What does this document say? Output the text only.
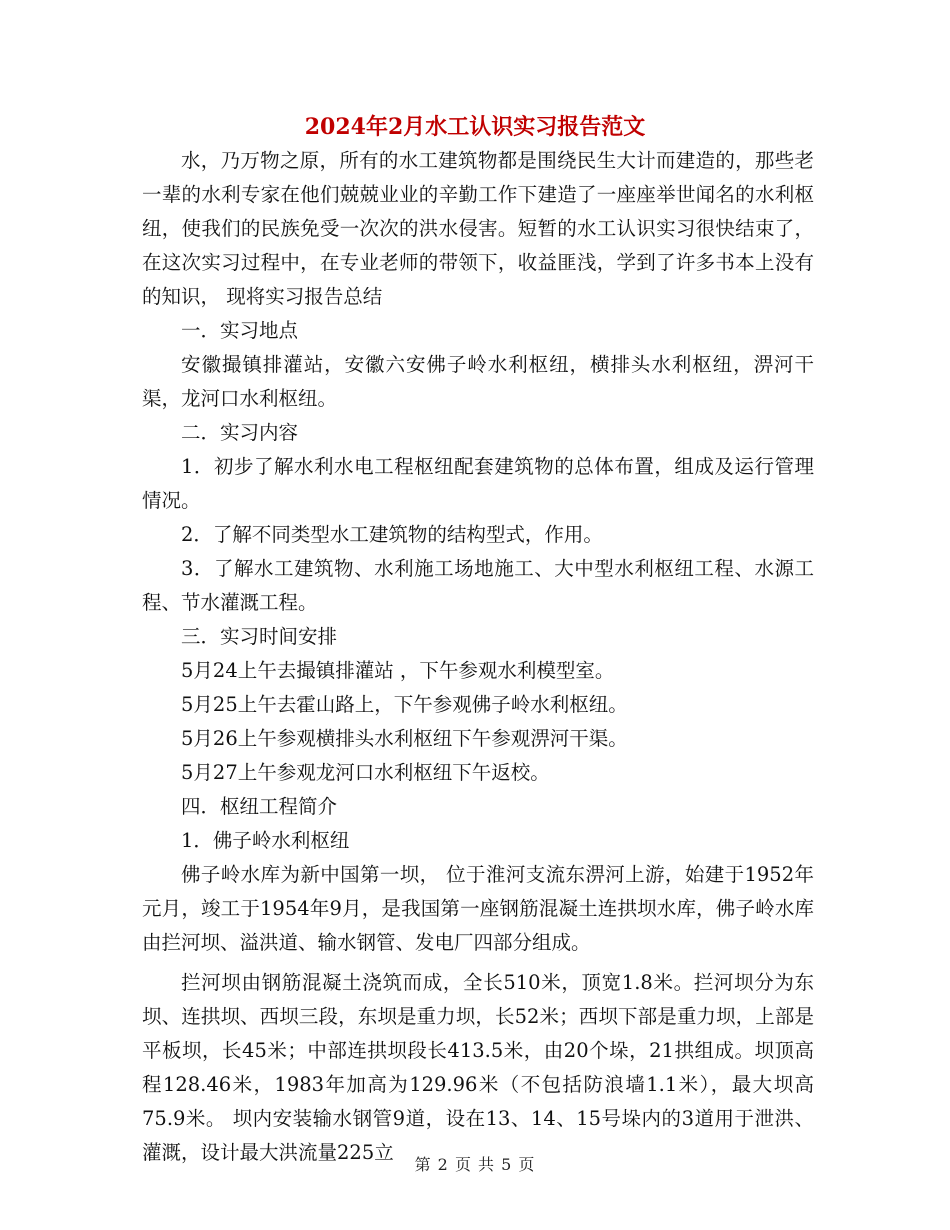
2024年2月水工认识实习报告范文

水，乃万物之原，所有的水工建筑物都是围绕民生大计而建造的，那些老一辈的水利专家在他们兢兢业业的辛勤工作下建造了一座座举世闻名的水利枢纽，使我们的民族免受一次次的洪水侵害。短暂的水工认识实习很快结束了，在这次实习过程中，在专业老师的带领下，收益匪浅，学到了许多书本上没有的知识， 现将实习报告总结

一．实习地点

安徽撮镇排灌站，安徽六安佛子岭水利枢纽，横排头水利枢纽，淠河干渠，龙河口水利枢纽。

二．实习内容

1．初步了解水利水电工程枢纽配套建筑物的总体布置，组成及运行管理情况。

2．了解不同类型水工建筑物的结构型式，作用。

3．了解水工建筑物、水利施工场地施工、大中型水利枢纽工程、水源工程、节水灌溉工程。

三．实习时间安排

5月24上午去撮镇排灌站 ，下午参观水利模型室。

5月25上午去霍山路上，下午参观佛子岭水利枢纽。

5月26上午参观横排头水利枢纽下午参观淠河干渠。

5月27上午参观龙河口水利枢纽下午返校。

四．枢纽工程简介

1．佛子岭水利枢纽

佛子岭水库为新中国第一坝， 位于淮河支流东淠河上游，始建于1952年元月，竣工于1954年9月，是我国第一座钢筋混凝土连拱坝水库，佛子岭水库由拦河坝、溢洪道、输水钢管、发电厂四部分组成。

拦河坝由钢筋混凝土浇筑而成，全长510米，顶宽1.8米。拦河坝分为东坝、连拱坝、西坝三段，东坝是重力坝，长52米；西坝下部是重力坝，上部是平板坝，长45米；中部连拱坝段长413.5米，由20个垛，21拱组成。坝顶高程128.46米，1983年加高为129.96米（不包括防浪墙1.1米），最大坝高75.9米。 坝内安装输水钢管9道，设在13、14、15号垛内的3道用于泄洪、灌溉，设计最大洪流量225立

第 2 页 共 5 页
